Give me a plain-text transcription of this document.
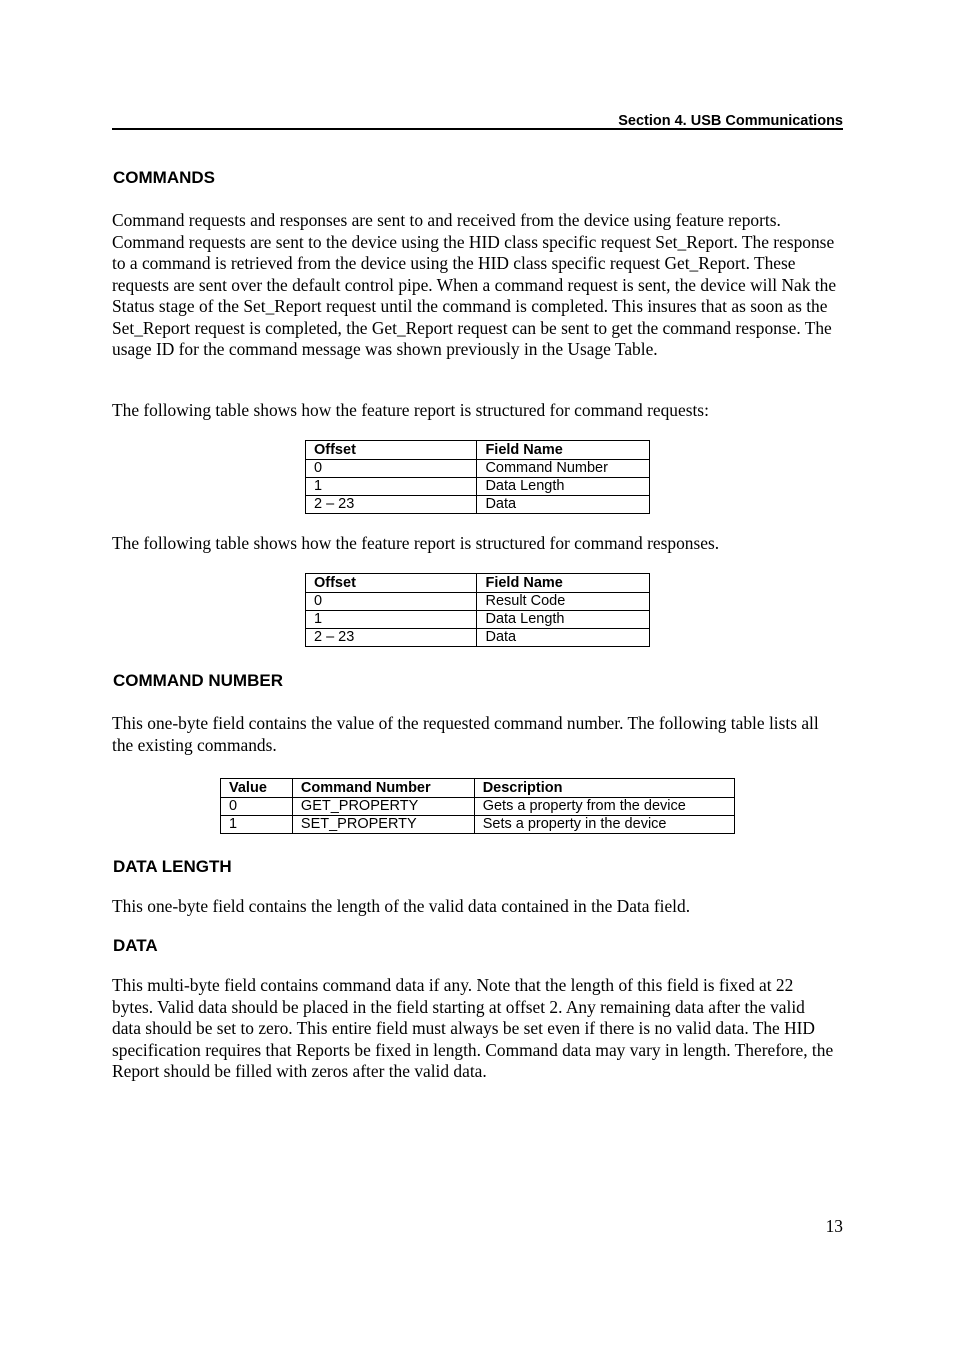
Section 4. USB Communications
COMMANDS

Command requests and responses are sent to and received from the device using feature reports. Command requests are sent to the device using the HID class specific request Set_Report. The response to a command is retrieved from the device using the HID class specific request Get_Report. These requests are sent over the default control pipe. When a command request is sent, the device will Nak the Status stage of the Set_Report request until the command is completed. This insures that as soon as the Set_Report request is completed, the Get_Report request can be sent to get the command response. The usage ID for the command message was shown previously in the Usage Table.

The following table shows how the feature report is structured for command requests:

Offset	Field Name
0	Command Number
1	Data Length
2 – 23	Data

The following table shows how the feature report is structured for command responses.

Offset	Field Name
0	Result Code
1	Data Length
2 – 23	Data
COMMAND NUMBER

This one-byte field contains the value of the requested command number. The following table lists all the existing commands.

Value	Command Number	Description
0	GET_PROPERTY	Gets a property from the device
1	SET_PROPERTY	Sets a property in the device
DATA LENGTH

This one-byte field contains the length of the valid data contained in the Data field.

DATA

This multi-byte field contains command data if any. Note that the length of this field is fixed at 22 bytes. Valid data should be placed in the field starting at offset 2. Any remaining data after the valid data should be set to zero. This entire field must always be set even if there is no valid data. The HID specification requires that Reports be fixed in length. Command data may vary in length. Therefore, the Report should be filled with zeros after the valid data.

13
